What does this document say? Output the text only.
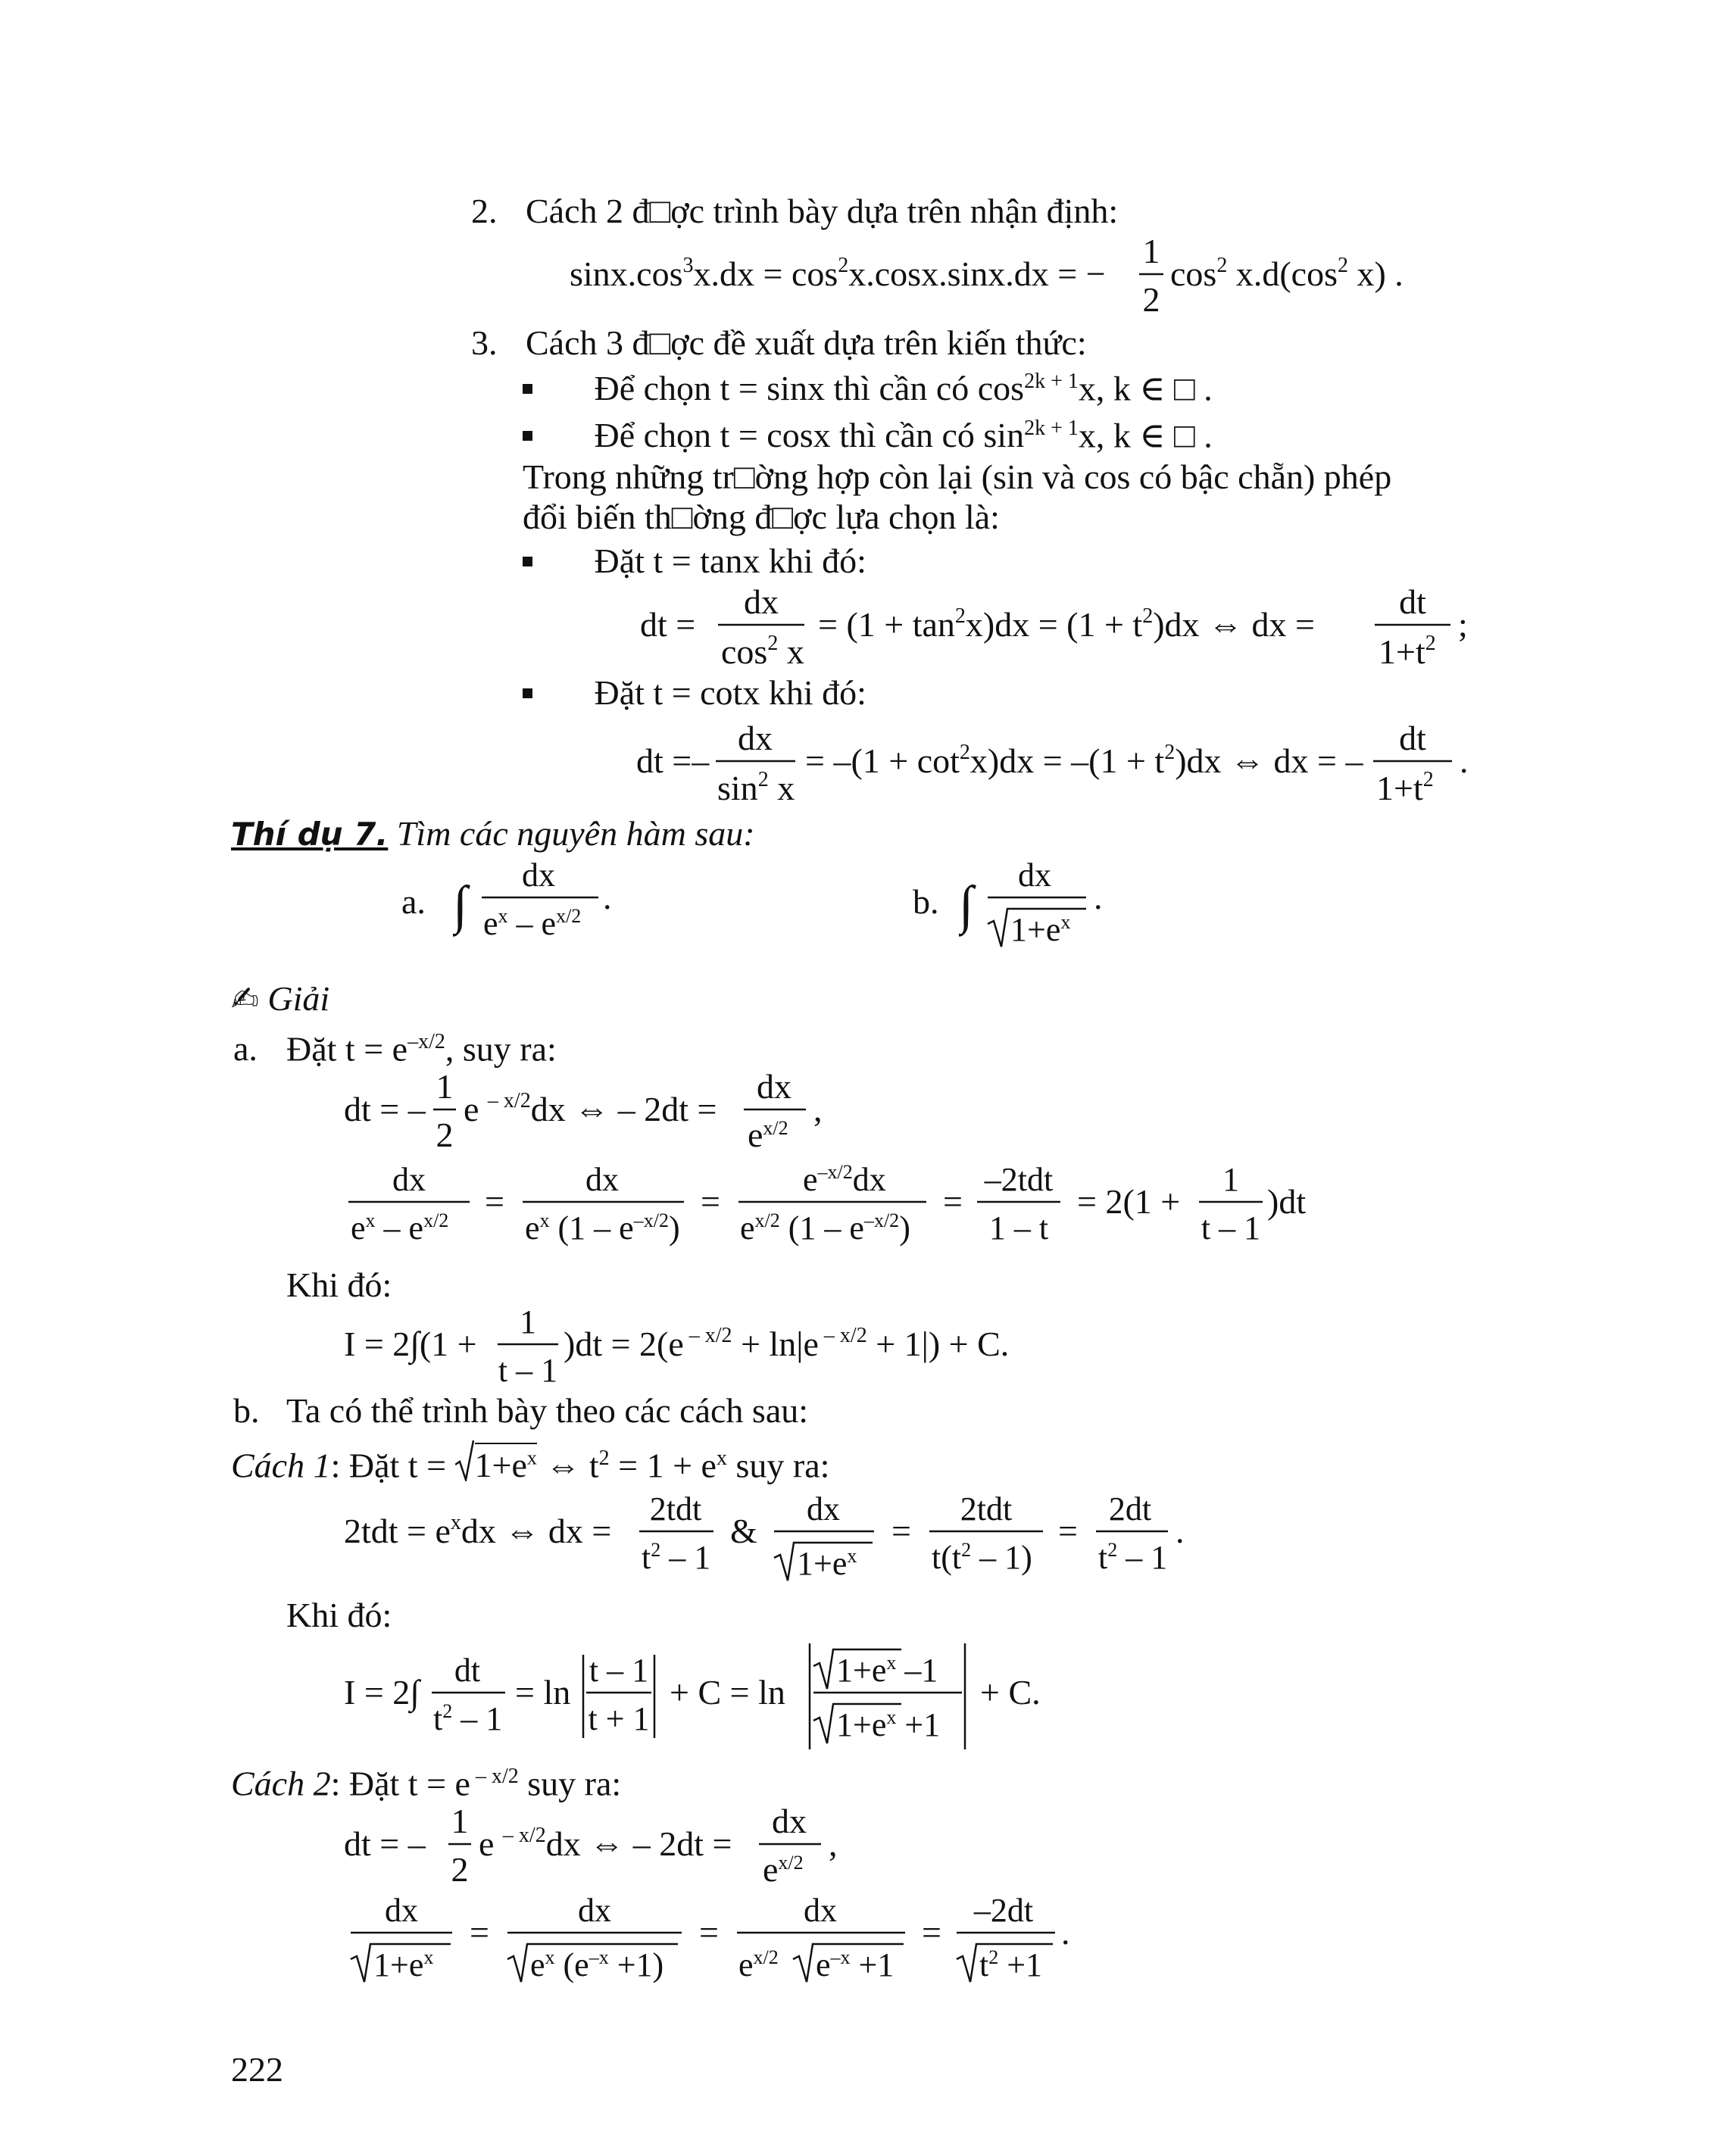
2. Cách 2 đ□ợc trình bày dựa trên nhận định:
$\sin x.\cos^3x.dx = \cos^2x.\cos x.\sin x.dx$ = −
1
2
$\cos^2 x.d(\cos^2$ x) .
3. Cách 3 đ□ợc đề xuất dựa trên kiến thức:
Để chọn t = sinx thì cần có $\cos^{2k + 1}x$, k ∈ □ .
Để chọn t = cosx thì cần có $\sin^{2k + 1}x$, k ∈ □ .
Trong những tr□ờng hợp còn lại (sin và cos có bậc chẵn) phép
đổi biến th□ờng đ□ợc lựa chọn là:
Đặt t = tanx khi đó:
dt =
dx
$\cos^2 x$
= $(1 + \tan^2x)dx = (1 + t^2)dx$ ⇔ dx =
dt
$1+t^2$ ;
Đặt t = cotx khi đó:
dt =–
dx
$\sin^2 x$
= $-(1 + \cot^2x)dx = -(1 + t^2)dx$ ⇔ dx = –
dt
$1+t^2$ .
Thí dụ 7. Tìm các nguyên hàm sau:
a. ∫
dx
$e^x - e^{x/2}$ .	b. ∫
dx
$1+e^x$
.
✍ Giải
a. Đặt $t = e^{-x/2}$, suy ra:
dt = –
1
2
e $^{- x/2}$dx ⇔ – 2dt =
dx
$e^{x/2}$ ,
dx
$e^x - e^{x/2}$ =
dx
$e^x$ $(1 - e^{-x/2})$
=
$e^{-x/2}dx$
$e^{x/2}$ $(1 - e^{-x/2})$
=
–2tdt
1 – t
= 2(1 +
1
t – 1
)dt
Khi đó:
I = 2∫(1 +
1
t – 1
)dt = 2(e $^{- x/2}$ + ln|e $^{- x/2}$ + 1|) + C.
b. Ta có thể trình bày theo các cách sau:
Cách 1: Đặt t =
$1+e^x$ ⇔ $t^2 = 1 + e^x$ suy ra:
$2tdt = e^xdx$ ⇔ dx =
2tdt
$t^2 - 1$
&
dx
$1+e^x$
=
2tdt
$t(t^2 - 1)$
=
2dt
$t^2 - 1$
.
Khi đó:
I = 2∫
dt
$t^2 - 1$
= ln
t – 1
t + 1
+ C = ln
$1+e^x$ –1
$1+e^x +1$
+ C.
Cách 2: Đặt t = e $^{- x/2}$ suy ra:
dt = –
1
2
e $^{- x/2}$dx ⇔ – 2dt =
dx
$e^{x/2}$ ,
dx
$1+e^x$
=
dx
$e^x$ $(e^{-x} +1)$
=
dx
$e^{x/2}$ $e^{-x} +1$
=
–2dt
$t^2 +1$
.
222
